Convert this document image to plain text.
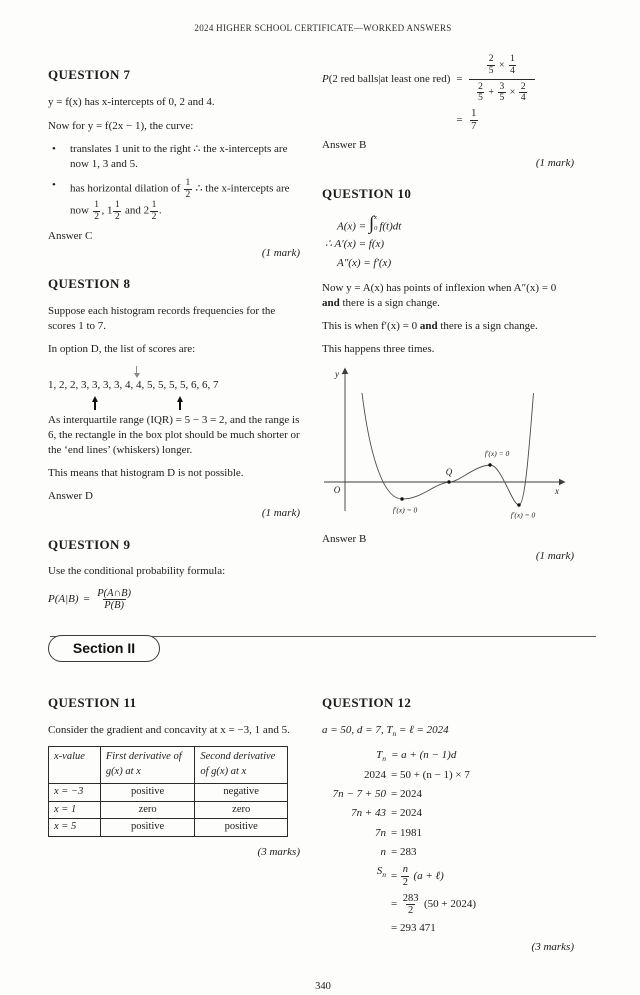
2024 HIGHER SCHOOL CERTIFICATE—WORKED ANSWERS
QUESTION 7

y = f(x) has x-intercepts of 0, 2 and 4.

Now for y = f(2x − 1), the curve:

• translates 1 unit to the right ∴ the x-intercepts are now 1, 3 and 5.
• has horizontal dilation of $\frac{1}{2}$ ∴ the x-intercepts are now $\frac{1}{2}$ , $1 \frac{1}{2}$ and $2 \frac{1}{2}$ .

Answer C

(1 mark)
QUESTION 8

Suppose each histogram records frequencies for the scores 1 to 7.

In option D, the list of scores are:

1, 2, 2, 3, 3, 3, 3, 4, 4, 5, 5, 5, 5, 6, 6, 7

As interquartile range (IQR) = 5 − 3 = 2, and the range is 6, the rectangle in the box plot should be much shorter or the ‘end lines’ (whiskers) longer.

This means that histogram D is not possible.

Answer D

(1 mark)
QUESTION 9

Use the conditional probability formula:

$P(A|B) = \frac{P(A\cap B)}{P(B)}$
P (2 red balls|at least one red) =
$\frac{2}{5} \times \frac{1}{4}$
$\frac{2}{5} + \frac{3}{5} \times \frac{2}{4}$
= $\frac{1}{7}$

Answer B

(1 mark)
QUESTION 10
A(x) = ∫ x
0 f(t)dt
∴ A′(x) = f(x)
A″(x) = f′(x)

Now y = A(x) has points of inflexion when A″(x) = 0 and there is a sign change.

This is when f′(x) = 0 and there is a sign change.

This happens three times.

y
x
O
Q
f′(x) = 0
f′(x) = 0
f′(x) = 0

Answer B

(1 mark)
Section II
QUESTION 11

Consider the gradient and concavity at x = −3, 1 and 5.

x-value	First derivative of g(x) at x	Second derivative of g(x) at x
x = −3	positive	negative
x = 1	zero	zero
x = 5	positive	positive
(3 marks)
QUESTION 12

a = 50, d = 7, $T_n$ = ℓ = 2024

$T_n = a + (n - 1)d$
2024 = 50 + (n − 1) × 7
7n − 7 + 50 = 2024
7n + 43 = 2024
7n = 1981
n = 283
$S_n = \frac{n}{2} (a$ + ℓ)
= $\frac{283}{2} (50 + 2024)$
= 293 471
(3 marks)
340
